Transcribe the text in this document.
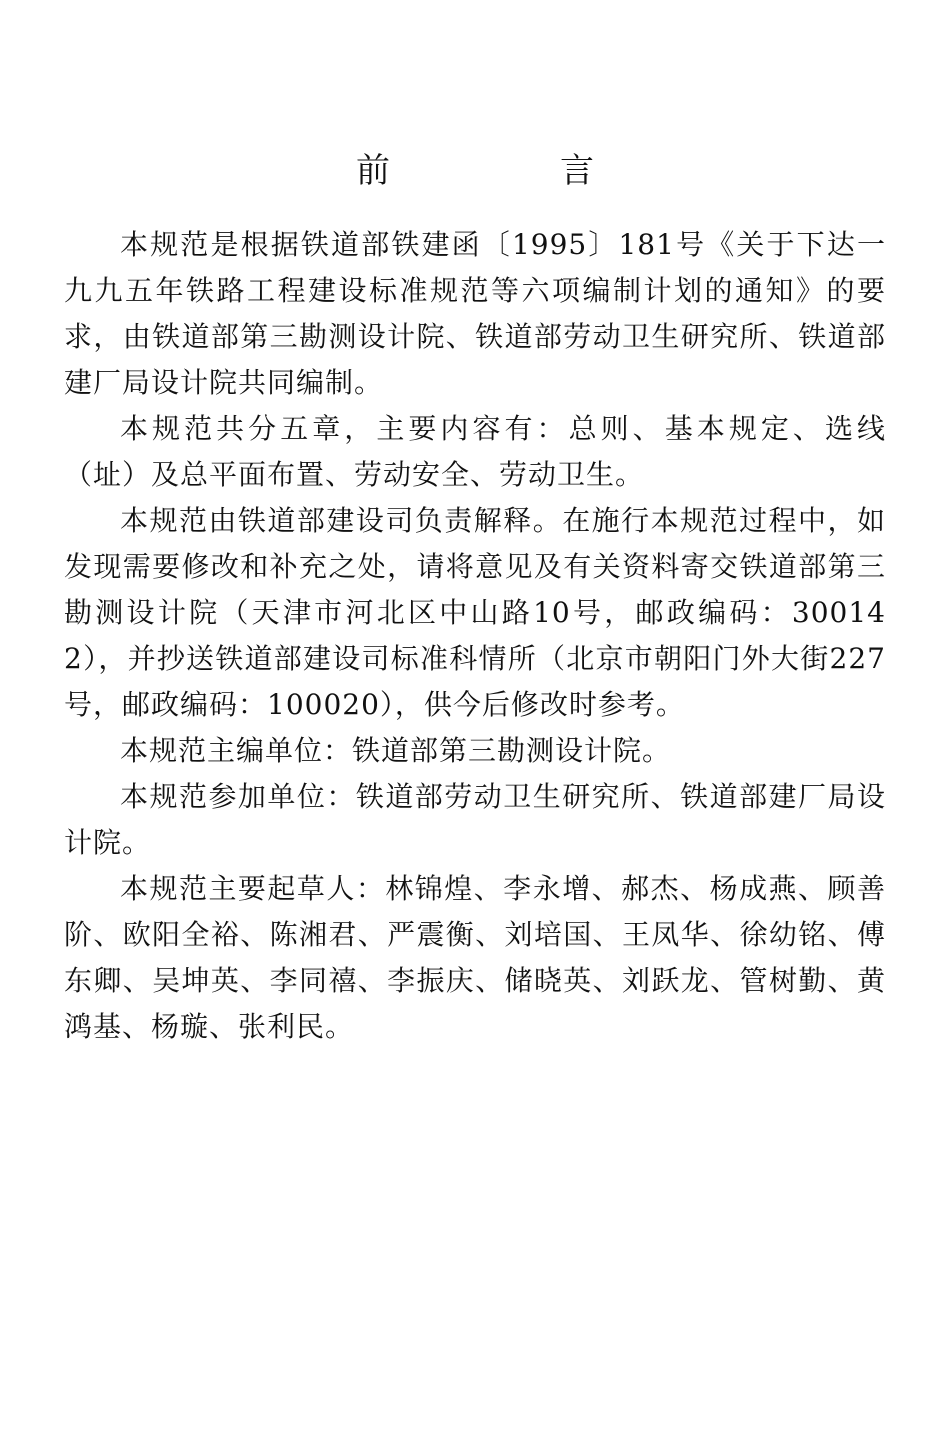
前　言

本规范是根据铁道部铁建函〔1995〕181号《关于下达一九九五年铁路工程建设标准规范等六项编制计划的通知》的要求，由铁道部第三勘测设计院、铁道部劳动卫生研究所、铁道部建厂局设计院共同编制。

本规范共分五章，主要内容有：总则、基本规定、选线（址）及总平面布置、劳动安全、劳动卫生。

本规范由铁道部建设司负责解释。在施行本规范过程中，如发现需要修改和补充之处，请将意见及有关资料寄交铁道部第三勘测设计院（天津市河北区中山路10号，邮政编码：300142），并抄送铁道部建设司标准科情所（北京市朝阳门外大街227号，邮政编码：100020），供今后修改时参考。

本规范主编单位：铁道部第三勘测设计院。

本规范参加单位：铁道部劳动卫生研究所、铁道部建厂局设计院。

本规范主要起草人：林锦煌、李永增、郝杰、杨成燕、顾善阶、欧阳全裕、陈湘君、严震衡、刘培国、王凤华、徐幼铭、傅东卿、吴坤英、李同禧、李振庆、储晓英、刘跃龙、管树勤、黄鸿基、杨璇、张利民。
